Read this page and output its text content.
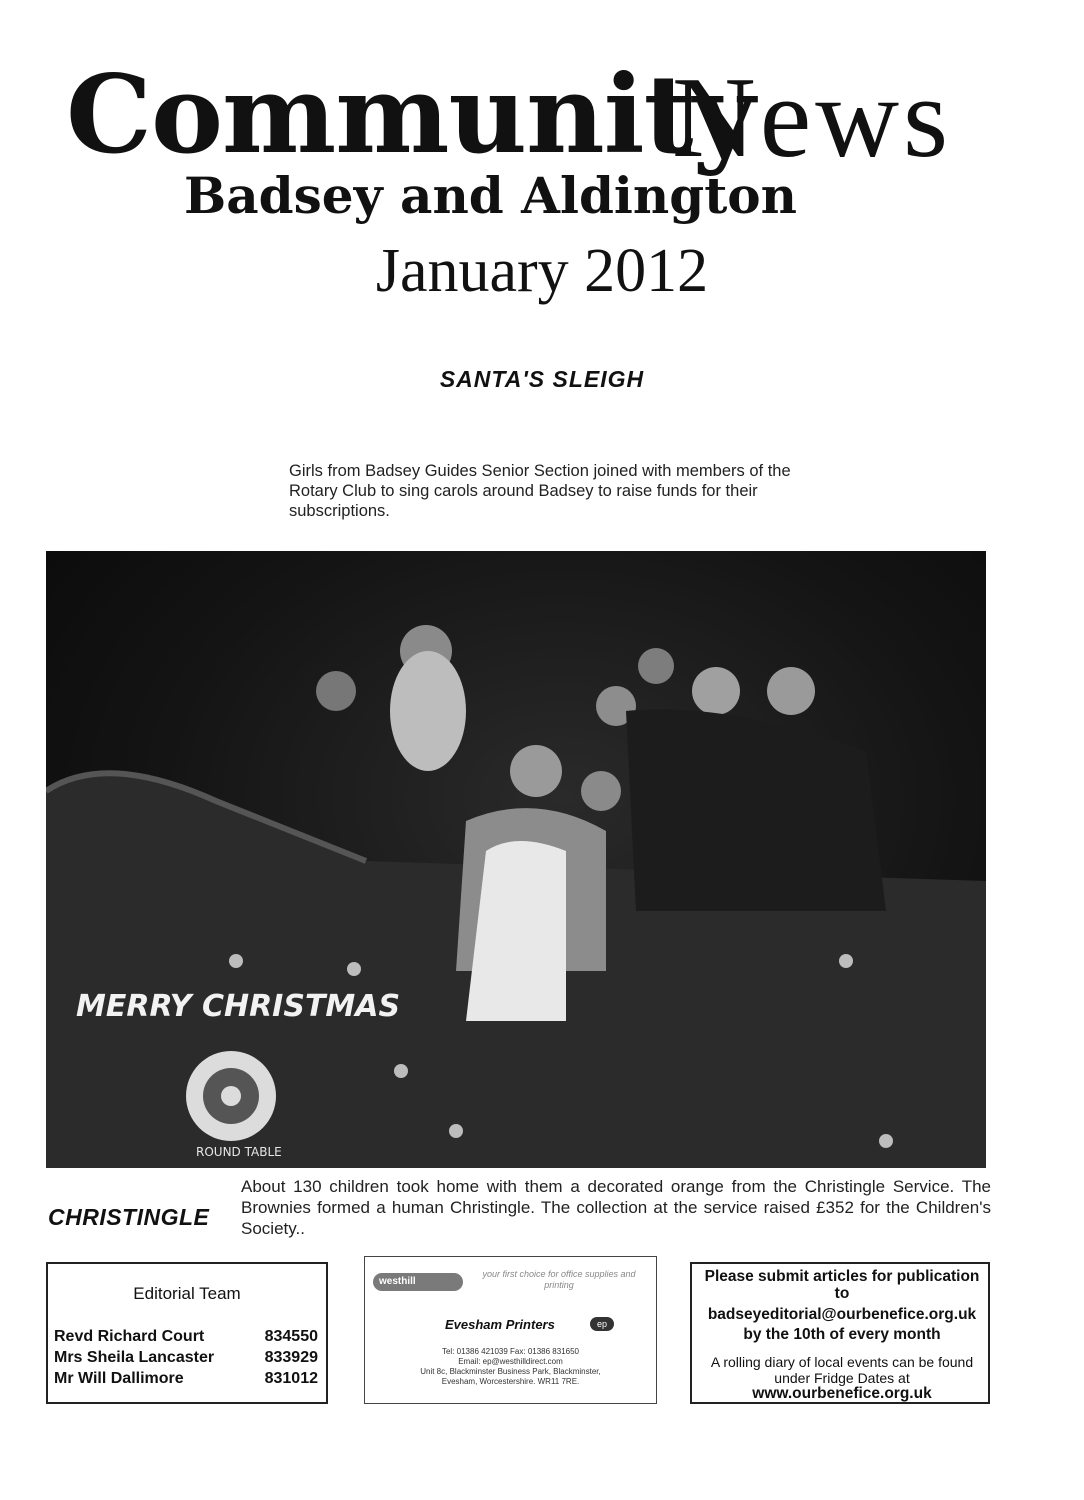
Community
News
Badsey and Aldington
January 2012
SANTA'S SLEIGH

Girls from Badsey Guides Senior Section joined with members of the Rotary Club to sing carols around Badsey to raise funds for their subscriptions.

MERRY CHRISTMAS
ROUND TABLE
CHRISTINGLE

About 130 children took home with them a decorated orange from the Christingle Service. The Brownies formed a human Christingle. The collection at the service raised £352 for the Children's Society..

Editorial Team
Revd Richard Court	834550
Mrs Sheila Lancaster	833929
Mr Will Dallimore	831012
westhill
your first choice for office supplies and printing
Evesham Printers	ep
Tel: 01386 421039 Fax: 01386 831650
Email: ep@westhilldirect.com
Unit 8c, Blackminster Business Park, Blackminster,
Evesham, Worcestershire. WR11 7RE.
Please submit articles for publication to
badseyeditorial@ourbenefice.org.uk
by the 10th of every month
A rolling diary of local events can be found under Fridge Dates at
www.ourbenefice.org.uk
